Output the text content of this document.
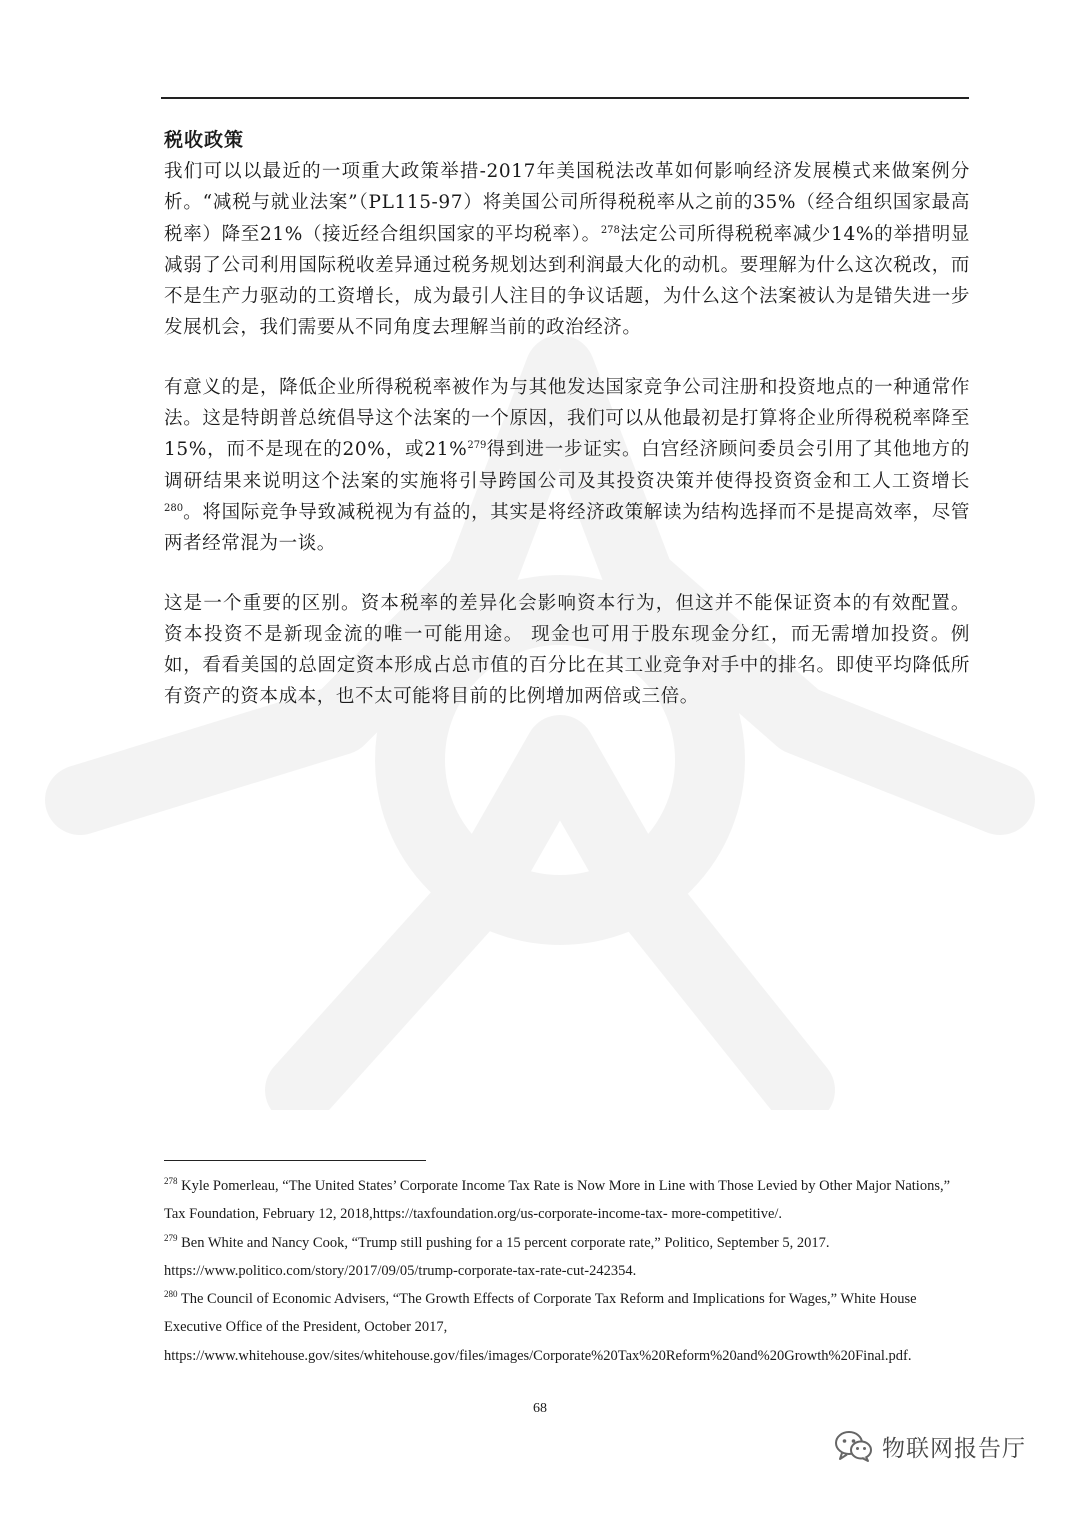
税收政策

我们可以以最近的一项重大政策举措-2017年美国税法改革如何影响经济发展模式来做案例分析。“减税与就业法案”（PL115-97）将美国公司所得税税率从之前的35%（经合组织国家最高税率）降至21%（接近经合组织国家的平均税率）。$^{278}$法定公司所得税税率减少14%的举措明显减弱了公司利用国际税收差异通过税务规划达到利润最大化的动机。要理解为什么这次税改，而不是生产力驱动的工资增长，成为最引人注目的争议话题，为什么这个法案被认为是错失进一步发展机会，我们需要从不同角度去理解当前的政治经济。

有意义的是，降低企业所得税税率被作为与其他发达国家竞争公司注册和投资地点的一种通常作法。这是特朗普总统倡导这个法案的一个原因，我们可以从他最初是打算将企业所得税税率降至15%，而不是现在的20%，或21%$^{279}$得到进一步证实。白宫经济顾问委员会引用了其他地方的调研结果来说明这个法案的实施将引导跨国公司及其投资决策并使得投资资金和工人工资增长$^{280}$。将国际竞争导致减税视为有益的，其实是将经济政策解读为结构选择而不是提高效率，尽管两者经常混为一谈。

这是一个重要的区别。资本税率的差异化会影响资本行为，但这并不能保证资本的有效配置。 资本投资不是新现金流的唯一可能用途。 现金也可用于股东现金分红，而无需增加投资。例如，看看美国的总固定资本形成占总市值的百分比在其工业竞争对手中的排名。即使平均降低所有资产的资本成本，也不太可能将目前的比例增加两倍或三倍。

$^{278}$ Kyle Pomerleau, “The United States’ Corporate Income Tax Rate is Now More in Line with Those Levied by Other Major Nations,” Tax Foundation, February 12, 2018,https://taxfoundation.org/us-corporate-income-tax- more-competitive/.

$^{279}$ Ben White and Nancy Cook, “Trump still pushing for a 15 percent corporate rate,” Politico, September 5, 2017. https://www.politico.com/story/2017/09/05/trump-corporate-tax-rate-cut-242354.

$^{280}$ The Council of Economic Advisers, “The Growth Effects of Corporate Tax Reform and Implications for Wages,” White House Executive Office of the President, October 2017, https://www.whitehouse.gov/sites/whitehouse.gov/files/images/Corporate%20Tax%20Reform%20and%20Growth%20Final.pdf.

68
物联网报告厅
